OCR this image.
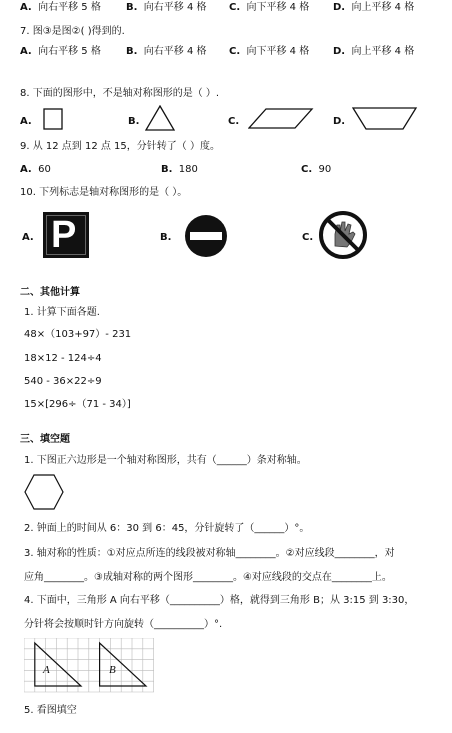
A. 向右平移 5 格	B. 向右平移 4 格 C. 向下平移 4 格 D. 向上平移 4 格
7. 图③是图②( )得到的.
A. 向右平移 5 格	B. 向右平移 4 格 C. 向下平移 4 格 D. 向上平移 4 格
8. 下面的图形中，不是轴对称图形的是（ ）.
A.	B.	C.	D.
9. 从 12 点到 12 点 15，分针转了（ ）度。
A. 60	B. 180	C. 90
10. 下列标志是轴对称图形的是（ ）。
A. P	B.	C.
二、其他计算
1. 计算下面各题.
48×（103+97）- 231
18×12 - 124÷4
540 - 36×22÷9
15×[296÷（71 - 34）]
三、填空题
1. 下图正六边形是一个轴对称图形，共有（______）条对称轴。
2. 钟面上的时间从 6：30 到 6：45，分针旋转了（______）°。
3. 轴对称的性质：①对应点所连的线段被对称轴________。②对应线段________，对
应角________。③成轴对称的两个图形________。④对应线段的交点在________上。
4. 下面中，三角形 A 向右平移（__________）格，就得到三角形 B；从 3:15 到 3:30，
分针将会按顺时针方向旋转（__________）°.
A	B
5. 看图填空
